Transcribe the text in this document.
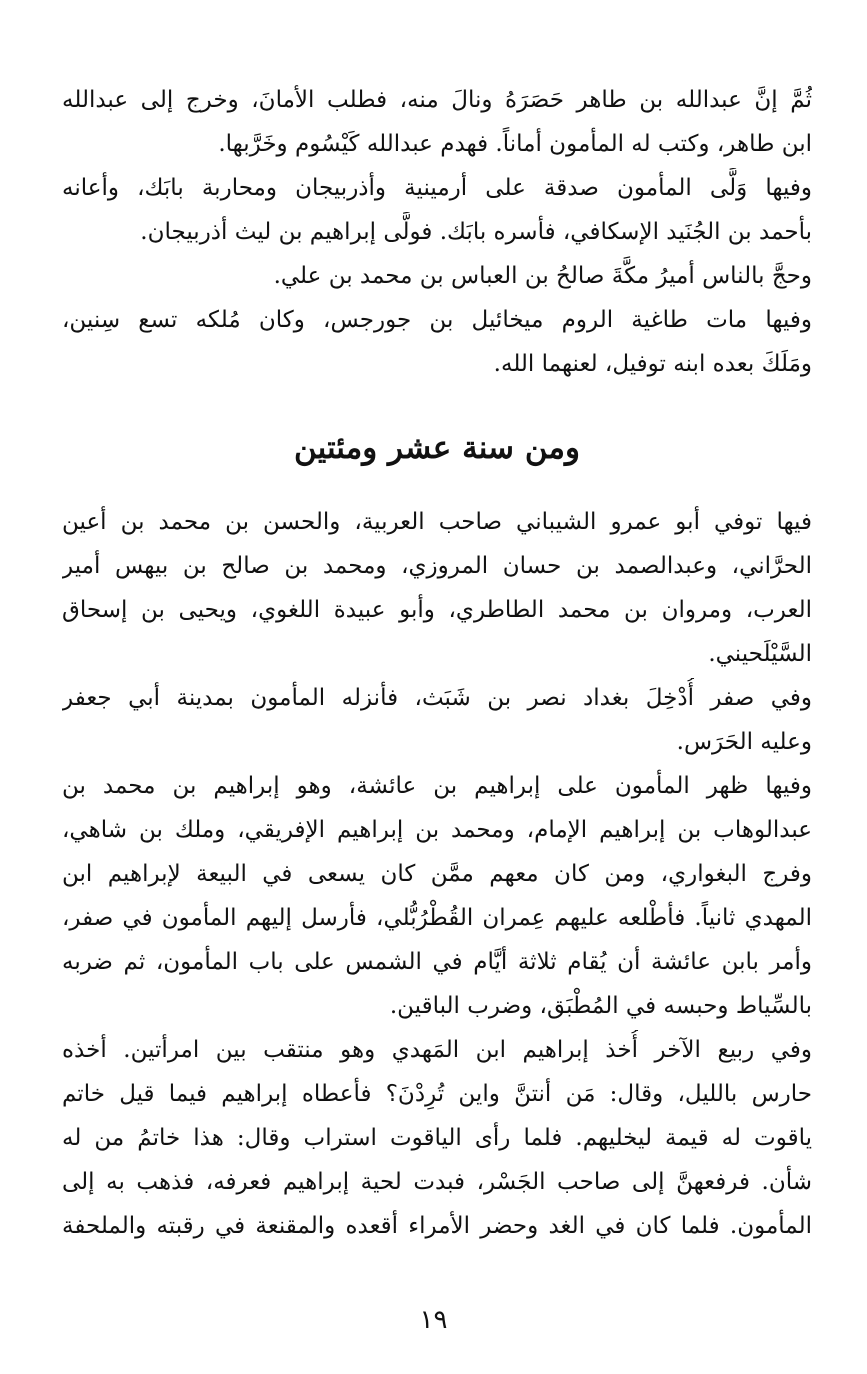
ثُمَّ إنَّ عبدالله بن طاهر حَصَرَهُ ونالَ منه، فطلب الأمانَ، وخرج إلى عبدالله
ابن طاهر، وكتب له المأمون أماناً. فهدم عبدالله كَيْسُوم وخَرَّبها.
وفيها وَلَّى المأمون صدقة على أرمينية وأذربيجان ومحاربة بابَك، وأعانه
بأحمد بن الجُنَيد الإسكافي، فأسره بابَك. فولَّى إبراهيم بن ليث أذربيجان.
وحجَّ بالناس أميرُ مكَّةَ صالحُ بن العباس بن محمد بن علي.
وفيها مات طاغية الروم ميخائيل بن جورجس، وكان مُلكه تسع سِنين،
ومَلَكَ بعده ابنه توفيل، لعنهما الله.
ومن سنة عشر ومئتين
فيها توفي أبو عمرو الشيباني صاحب العربية، والحسن بن محمد بن أعين
الحرَّاني، وعبدالصمد بن حسان المروزي، ومحمد بن صالح بن بيهس أمير
العرب، ومروان بن محمد الطاطري، وأبو عبيدة اللغوي، ويحيى بن إسحاق
السَّيْلَحيني.
وفي صفر أُدْخِلَ بغداد نصر بن شَبَث، فأنزله المأمون بمدينة أبي جعفر
وعليه الحَرَس.
وفيها ظهر المأمون على إبراهيم بن عائشة، وهو إبراهيم بن محمد بن
عبدالوهاب بن إبراهيم الإمام، ومحمد بن إبراهيم الإفريقي، وملك بن شاهي،
وفرج البغواري، ومن كان معهم ممَّن كان يسعى في البيعة لإبراهيم ابن
المهدي ثانياً. فأطْلعه عليهم عِمران القُطْرُبُّلي، فأرسل إليهم المأمون في صفر،
وأمر بابن عائشة أن يُقام ثلاثة أيَّام في الشمس على باب المأمون، ثم ضربه
بالسِّياط وحبسه في المُطْبَق، وضرب الباقين.
وفي ربيع الآخر أُخذ إبراهيم ابن المَهدي وهو منتقب بين امرأتين. أخذه
حارس بالليل، وقال: مَن أنتنَّ واين تُرِدْنَ؟ فأعطاه إبراهيم فيما قيل خاتم
ياقوت له قيمة ليخليهم. فلما رأى الياقوت استراب وقال: هذا خاتمُ من له
شأن. فرفعهنَّ إلى صاحب الجَسْر، فبدت لحية إبراهيم فعرفه، فذهب به إلى
المأمون. فلما كان في الغد وحضر الأمراء أقعده والمقنعة في رقبته والملحفة
١٩
